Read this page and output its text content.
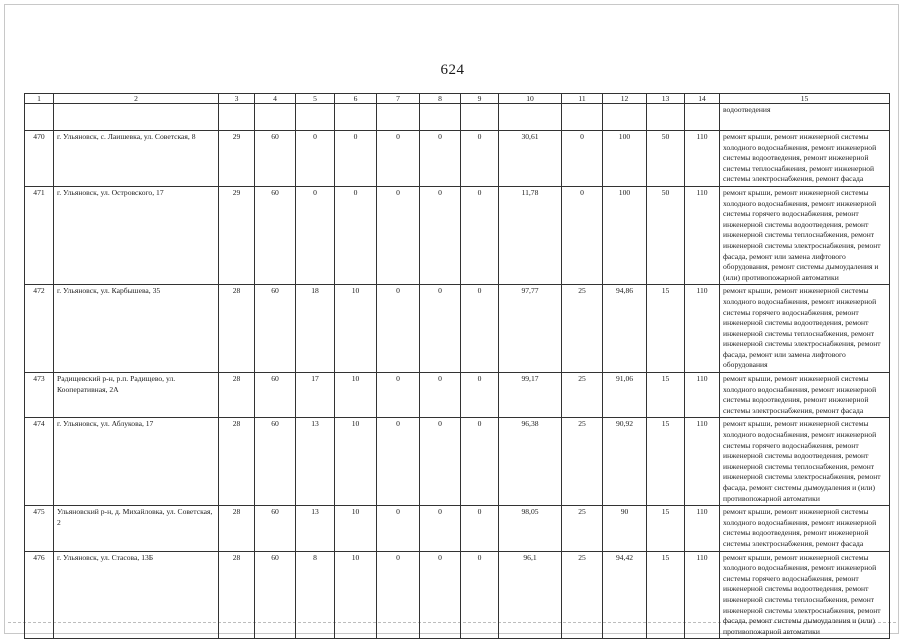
624
1	2	3	4	5	6	7	8	9	10	11	12	13	14	15
														водоотведения
470	г. Ульяновск, с. Лаишевка, ул. Советская, 8	29	60	0	0	0	0	0	30,61	0	100	50	110	ремонт крыши, ремонт инженерной системы холодного водоснабжения, ремонт инженерной системы водоотведения, ремонт инженерной системы теплоснабжения, ремонт инженерной системы электроснабжения, ремонт фасада
471	г. Ульяновск, ул. Островского, 17	29	60	0	0	0	0	0	11,78	0	100	50	110	ремонт крыши, ремонт инженерной системы холодного водоснабжения, ремонт инженерной системы горячего водоснабжения, ремонт инженерной системы водоотведения, ремонт инженерной системы теплоснабжения, ремонт инженерной системы электроснабжения, ремонт фасада, ремонт или замена лифтового оборудования, ремонт системы дымоудаления и (или) противопожарной автоматики
472	г. Ульяновск, ул. Карбышева, 35	28	60	18	10	0	0	0	97,77	25	94,86	15	110	ремонт крыши, ремонт инженерной системы холодного водоснабжения, ремонт инженерной системы горячего водоснабжения, ремонт инженерной системы водоотведения, ремонт инженерной системы теплоснабжения, ремонт инженерной системы электроснабжения, ремонт фасада, ремонт или замена лифтового оборудования
473	Радищевский р-н, р.п. Радищево, ул. Кооперативная, 2А	28	60	17	10	0	0	0	99,17	25	91,06	15	110	ремонт крыши, ремонт инженерной системы холодного водоснабжения, ремонт инженерной системы водоотведения, ремонт инженерной системы электроснабжения, ремонт фасада
474	г. Ульяновск, ул. Аблукова, 17	28	60	13	10	0	0	0	96,38	25	90,92	15	110	ремонт крыши, ремонт инженерной системы холодного водоснабжения, ремонт инженерной системы горячего водоснабжения, ремонт инженерной системы водоотведения, ремонт инженерной системы теплоснабжения, ремонт инженерной системы электроснабжения, ремонт фасада, ремонт системы дымоудаления и (или) противопожарной автоматики
475	Ульяновский р-н, д. Михайловка, ул. Советская, 2	28	60	13	10	0	0	0	98,05	25	90	15	110	ремонт крыши, ремонт инженерной системы холодного водоснабжения, ремонт инженерной системы водоотведения, ремонт инженерной системы электроснабжения, ремонт фасада
476	г. Ульяновск, ул. Стасова, 13Б	28	60	8	10	0	0	0	96,1	25	94,42	15	110	ремонт крыши, ремонт инженерной системы холодного водоснабжения, ремонт инженерной системы горячего водоснабжения, ремонт инженерной системы водоотведения, ремонт инженерной системы теплоснабжения, ремонт инженерной системы электроснабжения, ремонт фасада, ремонт системы дымоудаления и (или) противопожарной автоматики
